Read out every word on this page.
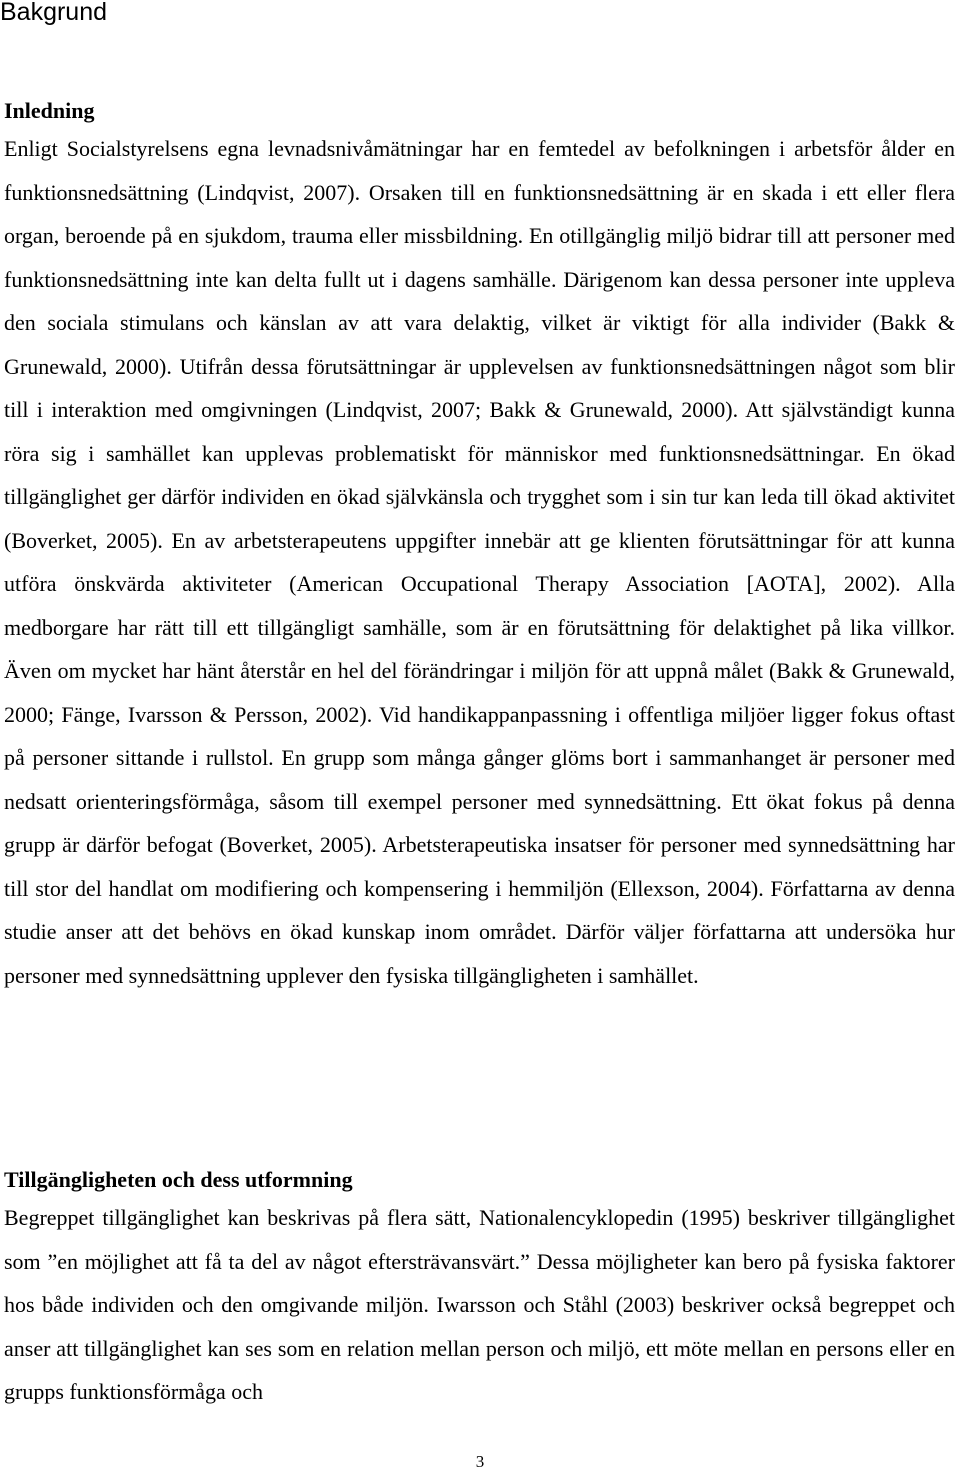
Bakgrund
Inledning

Enligt Socialstyrelsens egna levnadsnivåmätningar har en femtedel av befolkningen i arbetsför ålder en funktionsnedsättning (Lindqvist, 2007). Orsaken till en funktionsnedsättning är en skada i ett eller flera organ, beroende på en sjukdom, trauma eller missbildning. En otillgänglig miljö bidrar till att personer med funktionsnedsättning inte kan delta fullt ut i dagens samhälle. Därigenom kan dessa personer inte uppleva den sociala stimulans och känslan av att vara delaktig, vilket är viktigt för alla individer (Bakk & Grunewald, 2000). Utifrån dessa förutsättningar är upplevelsen av funktionsnedsättningen något som blir till i interaktion med omgivningen (Lindqvist, 2007; Bakk & Grunewald, 2000). Att självständigt kunna röra sig i samhället kan upplevas problematiskt för människor med funktionsnedsättningar. En ökad tillgänglighet ger därför individen en ökad självkänsla och trygghet som i sin tur kan leda till ökad aktivitet (Boverket, 2005). En av arbetsterapeutens uppgifter innebär att ge klienten förutsättningar för att kunna utföra önskvärda aktiviteter (American Occupational Therapy Association [AOTA], 2002). Alla medborgare har rätt till ett tillgängligt samhälle, som är en förutsättning för delaktighet på lika villkor. Även om mycket har hänt återstår en hel del förändringar i miljön för att uppnå målet (Bakk & Grunewald, 2000; Fänge, Ivarsson & Persson, 2002). Vid handikappanpassning i offentliga miljöer ligger fokus oftast på personer sittande i rullstol. En grupp som många gånger glöms bort i sammanhanget är personer med nedsatt orienteringsförmåga, såsom till exempel personer med synnedsättning. Ett ökat fokus på denna grupp är därför befogat (Boverket, 2005). Arbetsterapeutiska insatser för personer med synnedsättning har till stor del handlat om modifiering och kompensering i hemmiljön (Ellexson, 2004). Författarna av denna studie anser att det behövs en ökad kunskap inom området. Därför väljer författarna att undersöka hur personer med synnedsättning upplever den fysiska tillgängligheten i samhället.

Tillgängligheten och dess utformning

Begreppet tillgänglighet kan beskrivas på flera sätt, Nationalencyklopedin (1995) beskriver tillgänglighet som ”en möjlighet att få ta del av något eftersträvansvärt.” Dessa möjligheter kan bero på fysiska faktorer hos både individen och den omgivande miljön. Iwarsson och Ståhl (2003) beskriver också begreppet och anser att tillgänglighet kan ses som en relation mellan person och miljö, ett möte mellan en persons eller en grupps funktionsförmåga och

3
